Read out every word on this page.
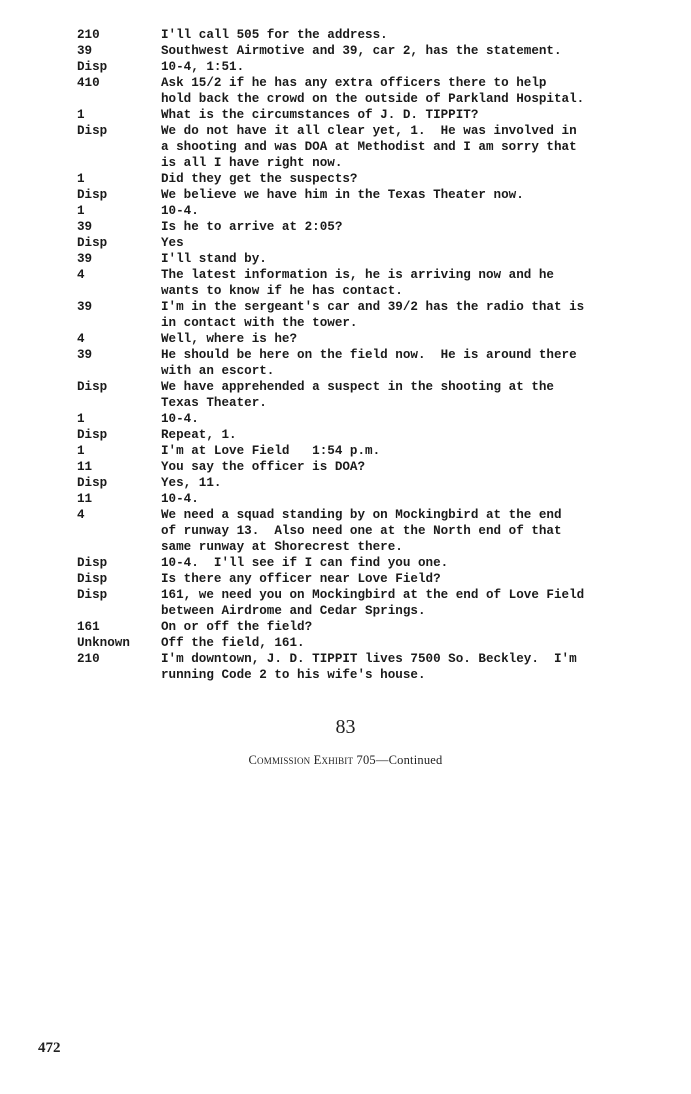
210	I'll call 505 for the address.
39	Southwest Airmotive and 39, car 2, has the statement.
Disp	10-4, 1:51.
410	Ask 15/2 if he has any extra officers there to help
hold back the crowd on the outside of Parkland Hospital.
1	What is the circumstances of J. D. TIPPIT?
Disp	We do not have it all clear yet, 1.  He was involved in
a shooting and was DOA at Methodist and I am sorry that
is all I have right now.
1	Did they get the suspects?
Disp	We believe we have him in the Texas Theater now.
1	10-4.
39	Is he to arrive at 2:05?
Disp	Yes
39	I'll stand by.
4	The latest information is, he is arriving now and he
wants to know if he has contact.
39	I'm in the sergeant's car and 39/2 has the radio that is
in contact with the tower.
4	Well, where is he?
39	He should be here on the field now.  He is around there
with an escort.
Disp	We have apprehended a suspect in the shooting at the
Texas Theater.
1	10-4.
Disp	Repeat, 1.
1	I'm at Love Field   1:54 p.m.
11	You say the officer is DOA?
Disp	Yes, 11.
11	10-4.
4	We need a squad standing by on Mockingbird at the end
of runway 13.  Also need one at the North end of that
same runway at Shorecrest there.
Disp	10-4.  I'll see if I can find you one.
Disp	Is there any officer near Love Field?
Disp	161, we need you on Mockingbird at the end of Love Field
between Airdrome and Cedar Springs.
161	On or off the field?
Unknown	Off the field, 161.
210	I'm downtown, J. D. TIPPIT lives 7500 So. Beckley.  I'm
running Code 2 to his wife's house.
83
Commission Exhibit 705—Continued
472
